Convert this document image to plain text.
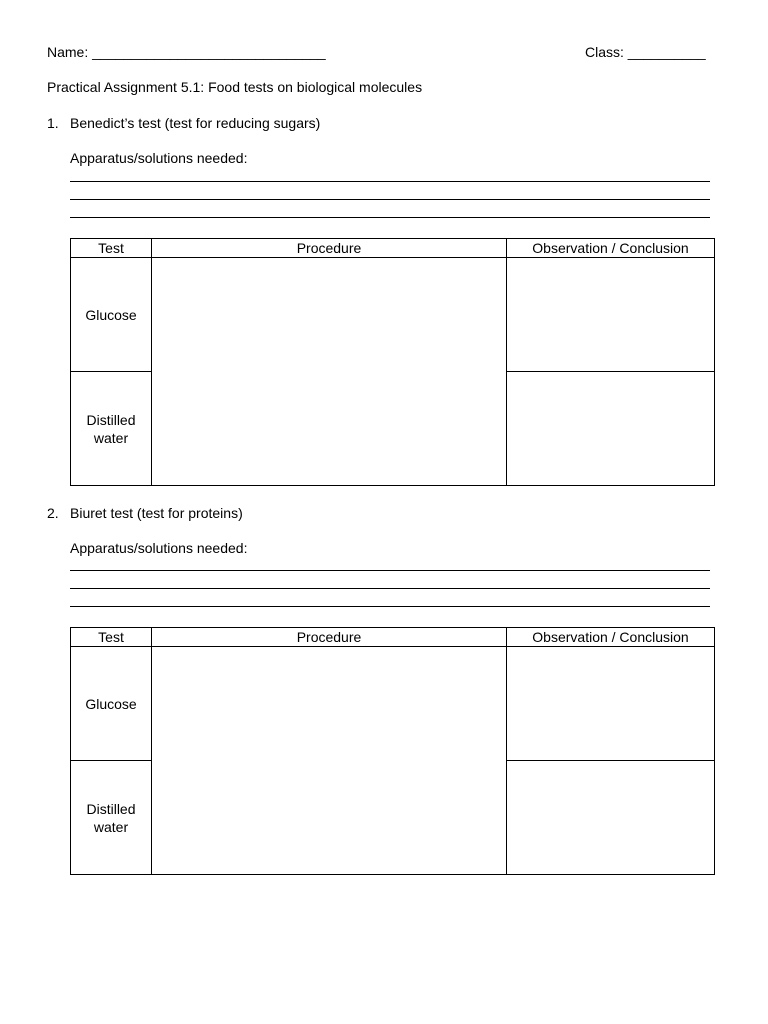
Name: ______________________________	Class: __________
Practical Assignment 5.1: Food tests on biological molecules
1. Benedict’s test (test for reducing sugars)
Apparatus/solutions needed:
Test	Procedure	Observation / Conclusion

Glucose		

Distilled
water		

2. Biuret test (test for proteins)
Apparatus/solutions needed:
Test	Procedure	Observation / Conclusion

Glucose		

Distilled
water		
